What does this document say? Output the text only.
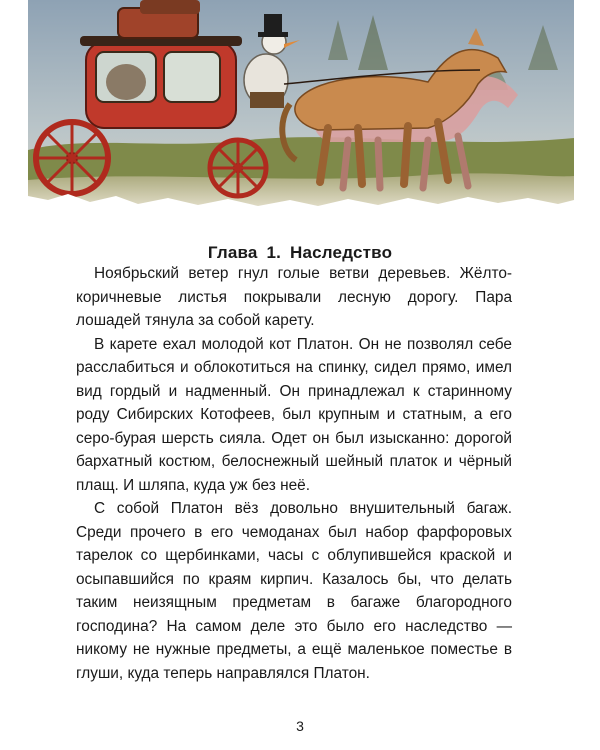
Глава 1. Наследство

Ноябрьский ветер гнул голые ветви деревьев. Жёлто-коричневые листья покрывали лесную дорогу. Пара лошадей тянула за собой карету.

В карете ехал молодой кот Платон. Он не позволял себе расслабиться и облокотиться на спинку, сидел прямо, имел вид гордый и надменный. Он принадлежал к старинному роду Сибирских Котофеев, был крупным и статным, а его серо-бурая шерсть сияла. Одет он был изысканно: дорогой бархатный костюм, белоснежный шейный платок и чёрный плащ. И шляпа, куда уж без неё.

С собой Платон вёз довольно внушительный багаж. Среди прочего в его чемоданах был набор фарфоровых тарелок со щербинками, часы с облупившейся краской и осыпавшийся по краям кирпич. Казалось бы, что делать таким неизящным предметам в багаже благородного господина? На самом деле это было его наследство — никому не нужные предметы, а ещё маленькое поместье в глуши, куда теперь направлялся Платон.

3
